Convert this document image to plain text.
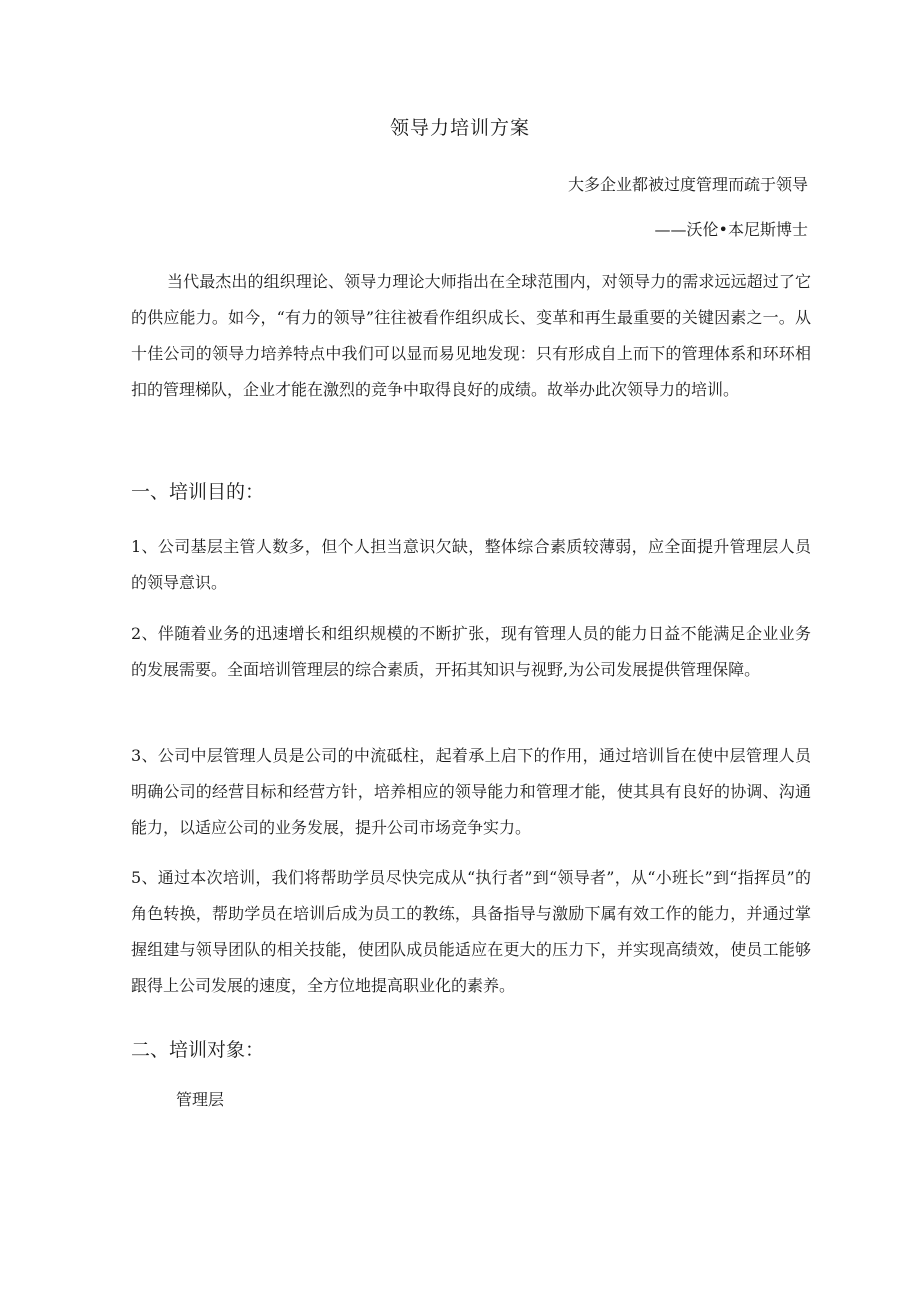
领导力培训方案
大多企业都被过度管理而疏于领导
——沃伦•本尼斯博士

当代最杰出的组织理论、领导力理论大师指出在全球范围内，对领导力的需求远远超过了它的供应能力。如今，“有力的领导”往往被看作组织成长、变革和再生最重要的关键因素之一。从十佳公司的领导力培养特点中我们可以显而易见地发现：只有形成自上而下的管理体系和环环相扣的管理梯队，企业才能在激烈的竞争中取得良好的成绩。故举办此次领导力的培训。

一、培训目的：

1、公司基层主管人数多，但个人担当意识欠缺，整体综合素质较薄弱，应全面提升管理层人员的领导意识。

2、伴随着业务的迅速增长和组织规模的不断扩张，现有管理人员的能力日益不能满足企业业务的发展需要。全面培训管理层的综合素质，开拓其知识与视野,为公司发展提供管理保障。

3、公司中层管理人员是公司的中流砥柱，起着承上启下的作用，通过培训旨在使中层管理人员明确公司的经营目标和经营方针，培养相应的领导能力和管理才能，使其具有良好的协调、沟通能力，以适应公司的业务发展，提升公司市场竞争实力。

5、通过本次培训，我们将帮助学员尽快完成从“执行者”到“领导者”，从“小班长”到“指挥员”的角色转换，帮助学员在培训后成为员工的教练，具备指导与激励下属有效工作的能力，并通过掌握组建与领导团队的相关技能，使团队成员能适应在更大的压力下，并实现高绩效，使员工能够跟得上公司发展的速度，全方位地提高职业化的素养。

二、培训对象：

管理层
